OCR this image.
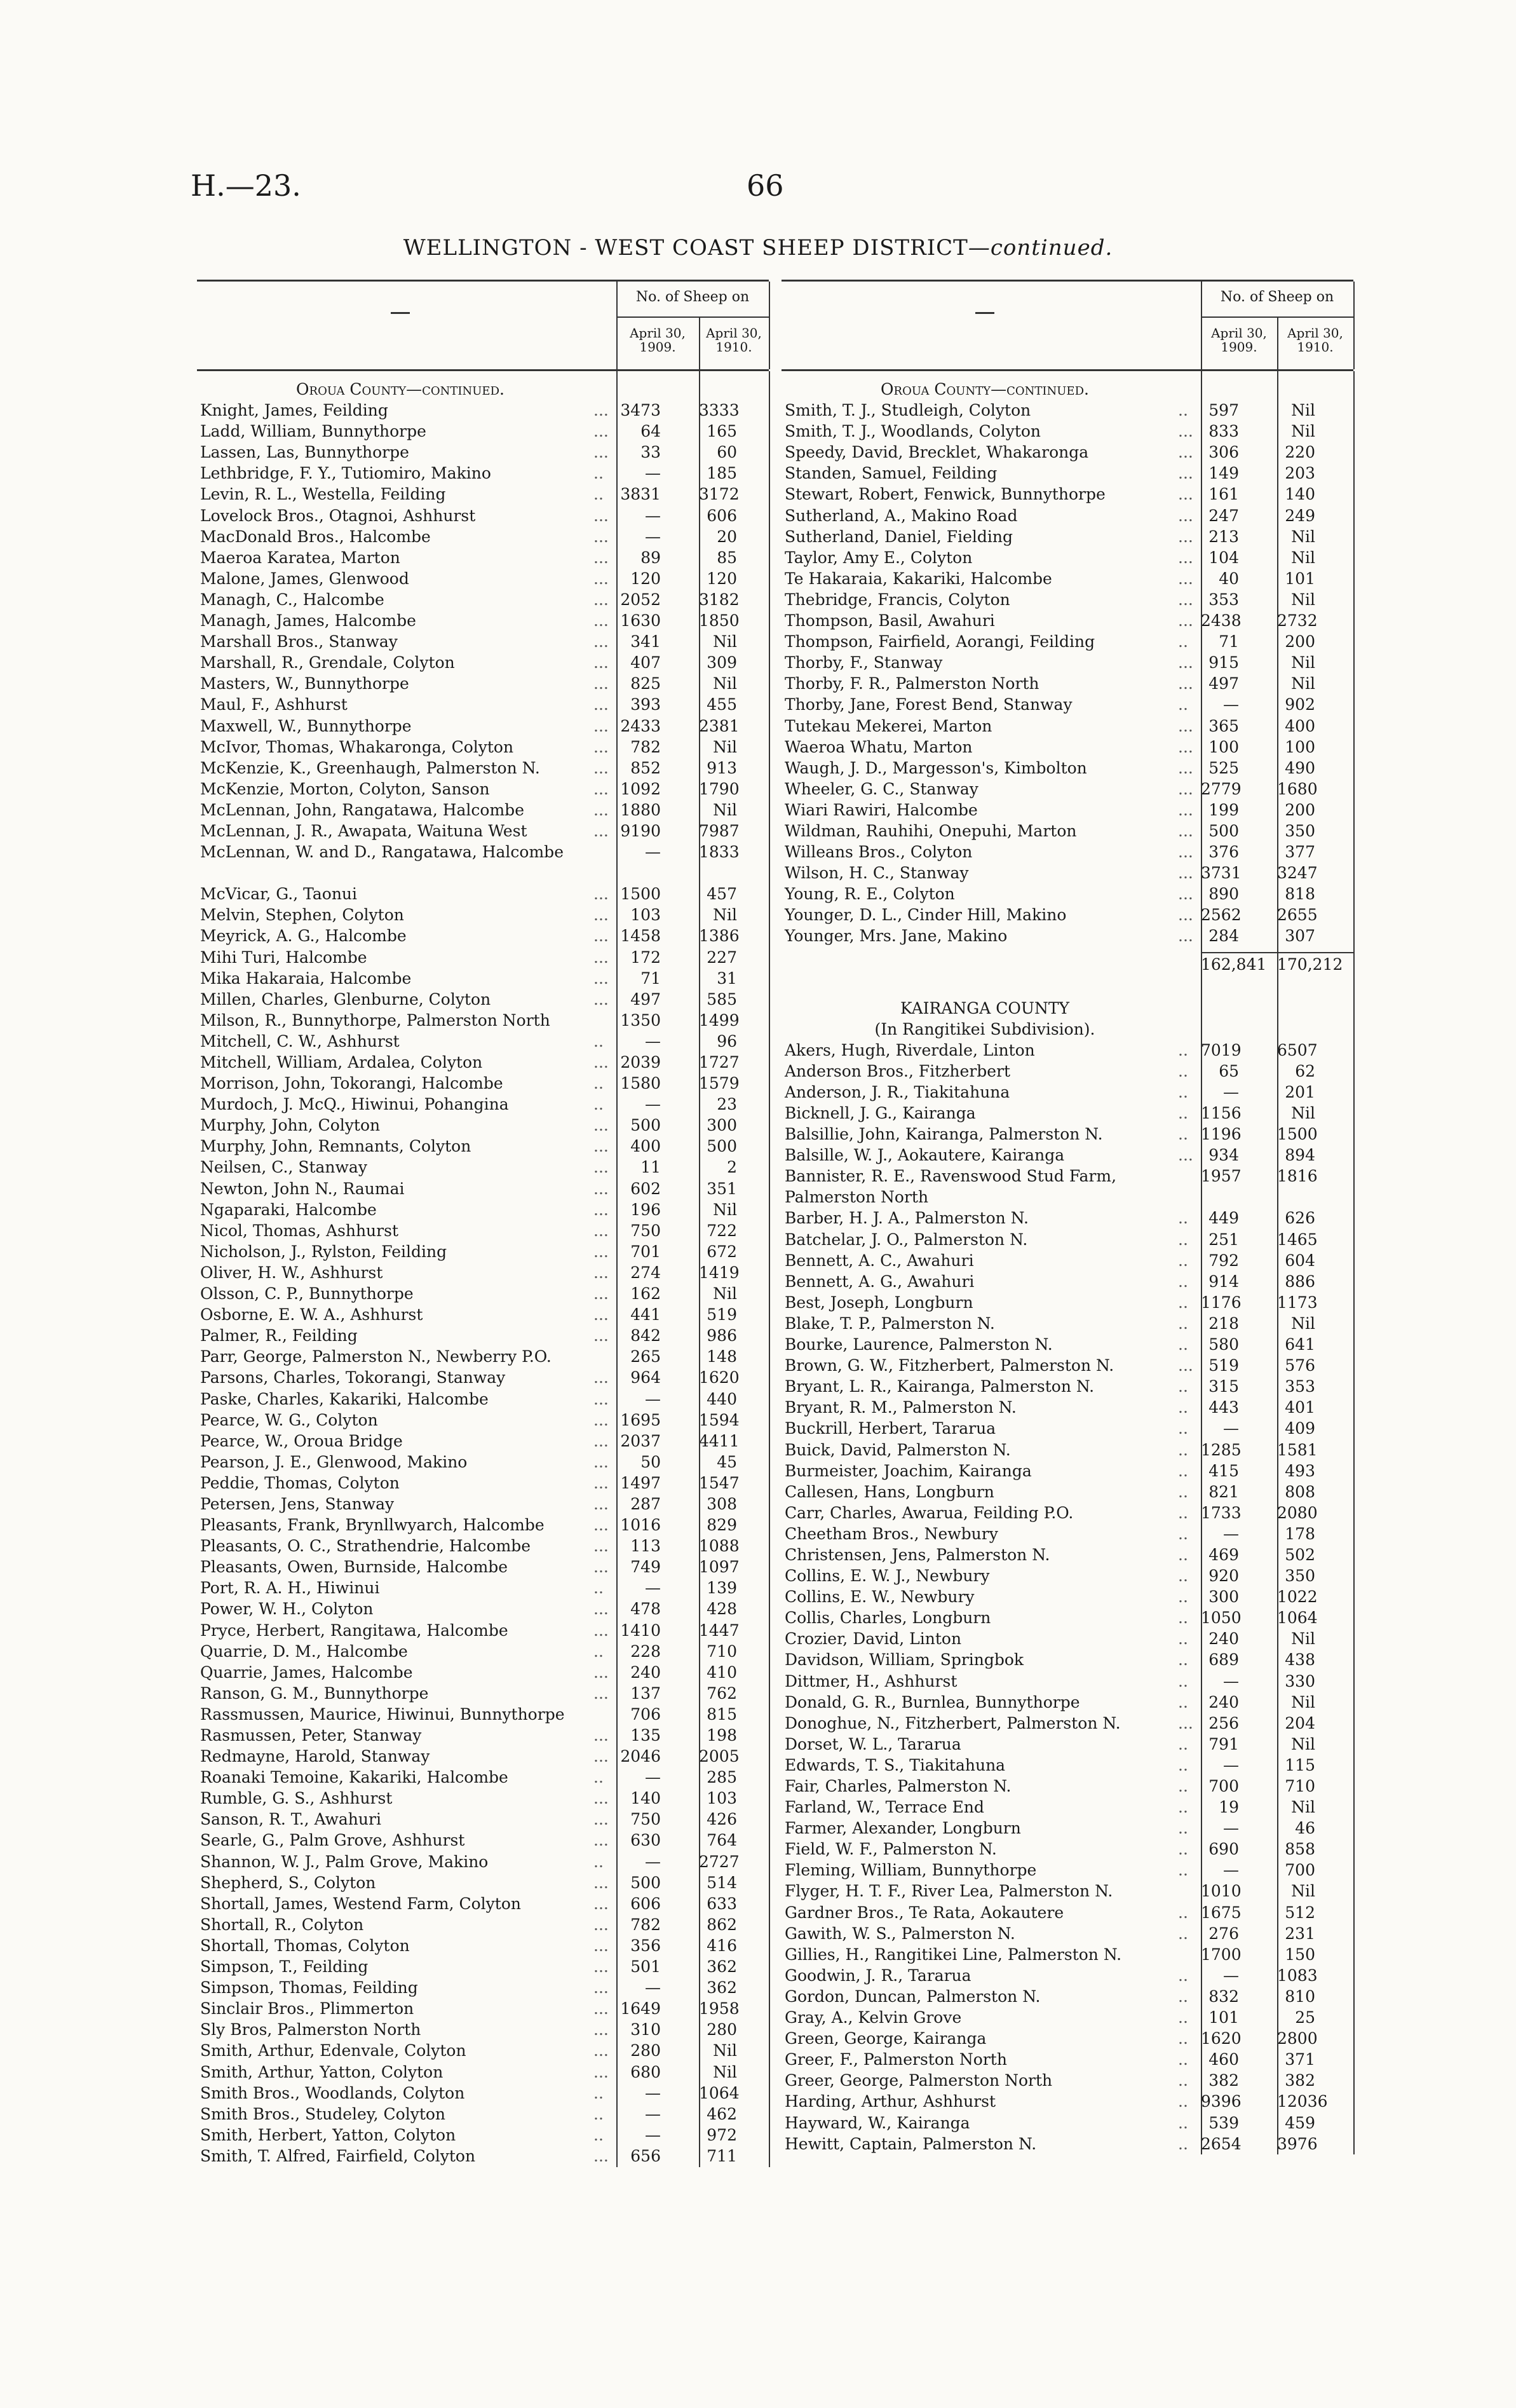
H.—23.	66
WELLINGTON - WEST COAST SHEEP DISTRICT—continued.
No. of Sheep on
April 30, 1909.
April 30, 1910.
Oroua County—continued.
Knight, James, Feilding	... 3473 3333
Ladd, William, Bunnythorpe	...	64	165
Lassen, Las, Bunnythorpe	...	33	60
Lethbridge, F. Y., Tutiomiro, Makino	..	—	185
Levin, R. L., Westella, Feilding	.. 3831 3172
Lovelock Bros., Otagnoi, Ashhurst	...	—	606
MacDonald Bros., Halcombe	...	—	20
Maeroa Karatea, Marton	...	89	85
Malone, James, Glenwood	...	120	120
Managh, C., Halcombe	... 2052 3182
Managh, James, Halcombe	... 1630 1850
Marshall Bros., Stanway	...	341	Nil
Marshall, R., Grendale, Colyton	...	407	309
Masters, W., Bunnythorpe	...	825	Nil
Maul, F., Ashhurst	...	393	455
Maxwell, W., Bunnythorpe	... 2433 2381
McIvor, Thomas, Whakaronga, Colyton	...	782	Nil
McKenzie, K., Greenhaugh, Palmerston N.	...	852	913
McKenzie, Morton, Colyton, Sanson	... 1092 1790
McLennan, John, Rangatawa, Halcombe	... 1880	Nil
McLennan, J. R., Awapata, Waituna West	... 9190 7987
McLennan, W. and D., Rangatawa, Halcombe	— 1833
McVicar, G., Taonui	... 1500	457
Melvin, Stephen, Colyton	...	103	Nil
Meyrick, A. G., Halcombe	... 1458 1386
Mihi Turi, Halcombe	...	172	227
Mika Hakaraia, Halcombe	...	71	31
Millen, Charles, Glenburne, Colyton	...	497	585
Milson, R., Bunnythorpe, Palmerston North	1350 1499
Mitchell, C. W., Ashhurst	..	—	96
Mitchell, William, Ardalea, Colyton	... 2039 1727
Morrison, John, Tokorangi, Halcombe	.. 1580 1579
Murdoch, J. McQ., Hiwinui, Pohangina	..	—	23
Murphy, John, Colyton	...	500	300
Murphy, John, Remnants, Colyton	...	400	500
Neilsen, C., Stanway	...	11	2
Newton, John N., Raumai	...	602	351
Ngaparaki, Halcombe	...	196	Nil
Nicol, Thomas, Ashhurst	...	750	722
Nicholson, J., Rylston, Feilding	...	701	672
Oliver, H. W., Ashhurst	...	274 1419
Olsson, C. P., Bunnythorpe	...	162	Nil
Osborne, E. W. A., Ashhurst	...	441	519
Palmer, R., Feilding	...	842	986
Parr, George, Palmerston N., Newberry P.O.	265	148
Parsons, Charles, Tokorangi, Stanway	...	964 1620
Paske, Charles, Kakariki, Halcombe	...	—	440
Pearce, W. G., Colyton	... 1695 1594
Pearce, W., Oroua Bridge	... 2037 4411
Pearson, J. E., Glenwood, Makino	...	50	45
Peddie, Thomas, Colyton	... 1497 1547
Petersen, Jens, Stanway	...	287	308
Pleasants, Frank, Brynllwyarch, Halcombe	... 1016	829
Pleasants, O. C., Strathendrie, Halcombe	...	113 1088
Pleasants, Owen, Burnside, Halcombe	...	749 1097
Port, R. A. H., Hiwinui	..	—	139
Power, W. H., Colyton	...	478	428
Pryce, Herbert, Rangitawa, Halcombe	... 1410 1447
Quarrie, D. M., Halcombe	..	228	710
Quarrie, James, Halcombe	...	240	410
Ranson, G. M., Bunnythorpe	...	137	762
Rassmussen, Maurice, Hiwinui, Bunnythorpe	706	815
Rasmussen, Peter, Stanway	...	135	198
Redmayne, Harold, Stanway	... 2046 2005
Roanaki Temoine, Kakariki, Halcombe	..	—	285
Rumble, G. S., Ashhurst	...	140	103
Sanson, R. T., Awahuri	...	750	426
Searle, G., Palm Grove, Ashhurst	...	630	764
Shannon, W. J., Palm Grove, Makino	..	— 2727
Shepherd, S., Colyton	...	500	514
Shortall, James, Westend Farm, Colyton	...	606	633
Shortall, R., Colyton	...	782	862
Shortall, Thomas, Colyton	...	356	416
Simpson, T., Feilding	...	501	362
Simpson, Thomas, Feilding	...	—	362
Sinclair Bros., Plimmerton	... 1649 1958
Sly Bros, Palmerston North	...	310	280
Smith, Arthur, Edenvale, Colyton	...	280	Nil
Smith, Arthur, Yatton, Colyton	...	680	Nil
Smith Bros., Woodlands, Colyton	..	— 1064
Smith Bros., Studeley, Colyton	..	—	462
Smith, Herbert, Yatton, Colyton	..	—	972
Smith, T. Alfred, Fairfield, Colyton	...	656	711
No. of Sheep on
April 30, 1909.
April 30, 1910.
Oroua County—continued.
Smith, T. J., Studleigh, Colyton	..	597	Nil
Smith, T. J., Woodlands, Colyton	... 833	Nil
Speedy, David, Brecklet, Whakaronga	... 306	220
Standen, Samuel, Feilding	... 149	203
Stewart, Robert, Fenwick, Bunnythorpe	... 161	140
Sutherland, A., Makino Road	... 247	249
Sutherland, Daniel, Fielding	... 213	Nil
Taylor, Amy E., Colyton	... 104	Nil
Te Hakaraia, Kakariki, Halcombe	...	40	101
Thebridge, Francis, Colyton	... 353	Nil
Thompson, Basil, Awahuri	... 2438 2732
Thompson, Fairfield, Aorangi, Feilding	..	71	200
Thorby, F., Stanway	... 915	Nil
Thorby, F. R., Palmerston North	... 497	Nil
Thorby, Jane, Forest Bend, Stanway	..	—	902
Tutekau Mekerei, Marton	... 365	400
Waeroa Whatu, Marton	... 100	100
Waugh, J. D., Margesson's, Kimbolton	... 525	490
Wheeler, G. C., Stanway	... 2779 1680
Wiari Rawiri, Halcombe	... 199	200
Wildman, Rauhihi, Onepuhi, Marton	... 500	350
Willeans Bros., Colyton	... 376	377
Wilson, H. C., Stanway	... 3731 3247
Young, R. E., Colyton	... 890	818
Younger, D. L., Cinder Hill, Makino	... 2562 2655
Younger, Mrs. Jane, Makino	... 284	307
162,841 170,212
KAIRANGA COUNTY
(In Rangitikei Subdivision).
Akers, Hugh, Riverdale, Linton	.. 7019 6507
Anderson Bros., Fitzherbert	..	65	62
Anderson, J. R., Tiakitahuna	..	—	201
Bicknell, J. G., Kairanga	.. 1156	Nil
Balsillie, John, Kairanga, Palmerston N.	.. 1196 1500
Balsille, W. J., Aokautere, Kairanga	... 934	894
Bannister, R. E., Ravenswood Stud Farm,	1957 1816
Palmerston North
Barber, H. J. A., Palmerston N.	..	449	626
Batchelar, J. O., Palmerston N.	..	251 1465
Bennett, A. C., Awahuri	..	792	604
Bennett, A. G., Awahuri	..	914	886
Best, Joseph, Longburn	.. 1176 1173
Blake, T. P., Palmerston N.	..	218	Nil
Bourke, Laurence, Palmerston N.	..	580	641
Brown, G. W., Fitzherbert, Palmerston N.	... 519	576
Bryant, L. R., Kairanga, Palmerston N.	..	315	353
Bryant, R. M., Palmerston N.	..	443	401
Buckrill, Herbert, Tararua	..	—	409
Buick, David, Palmerston N.	.. 1285 1581
Burmeister, Joachim, Kairanga	..	415	493
Callesen, Hans, Longburn	..	821	808
Carr, Charles, Awarua, Feilding P.O.	.. 1733 2080
Cheetham Bros., Newbury	..	—	178
Christensen, Jens, Palmerston N.	..	469	502
Collins, E. W. J., Newbury	..	920	350
Collins, E. W., Newbury	..	300 1022
Collis, Charles, Longburn	.. 1050 1064
Crozier, David, Linton	..	240	Nil
Davidson, William, Springbok	..	689	438
Dittmer, H., Ashhurst	..	—	330
Donald, G. R., Burnlea, Bunnythorpe	..	240	Nil
Donoghue, N., Fitzherbert, Palmerston N.	... 256	204
Dorset, W. L., Tararua	..	791	Nil
Edwards, T. S., Tiakitahuna	..	—	115
Fair, Charles, Palmerston N.	..	700	710
Farland, W., Terrace End	..	19	Nil
Farmer, Alexander, Longburn	..	—	46
Field, W. F., Palmerston N.	..	690	858
Fleming, William, Bunnythorpe	..	—	700
Flyger, H. T. F., River Lea, Palmerston N.	1010	Nil
Gardner Bros., Te Rata, Aokautere	.. 1675	512
Gawith, W. S., Palmerston N.	..	276	231
Gillies, H., Rangitikei Line, Palmerston N.	1700	150
Goodwin, J. R., Tararua	..	— 1083
Gordon, Duncan, Palmerston N.	..	832	810
Gray, A., Kelvin Grove	..	101	25
Green, George, Kairanga	.. 1620 2800
Greer, F., Palmerston North	..	460	371
Greer, George, Palmerston North	..	382	382
Harding, Arthur, Ashhurst	.. 9396 12036
Hayward, W., Kairanga	..	539	459
Hewitt, Captain, Palmerston N.	.. 2654 3976
